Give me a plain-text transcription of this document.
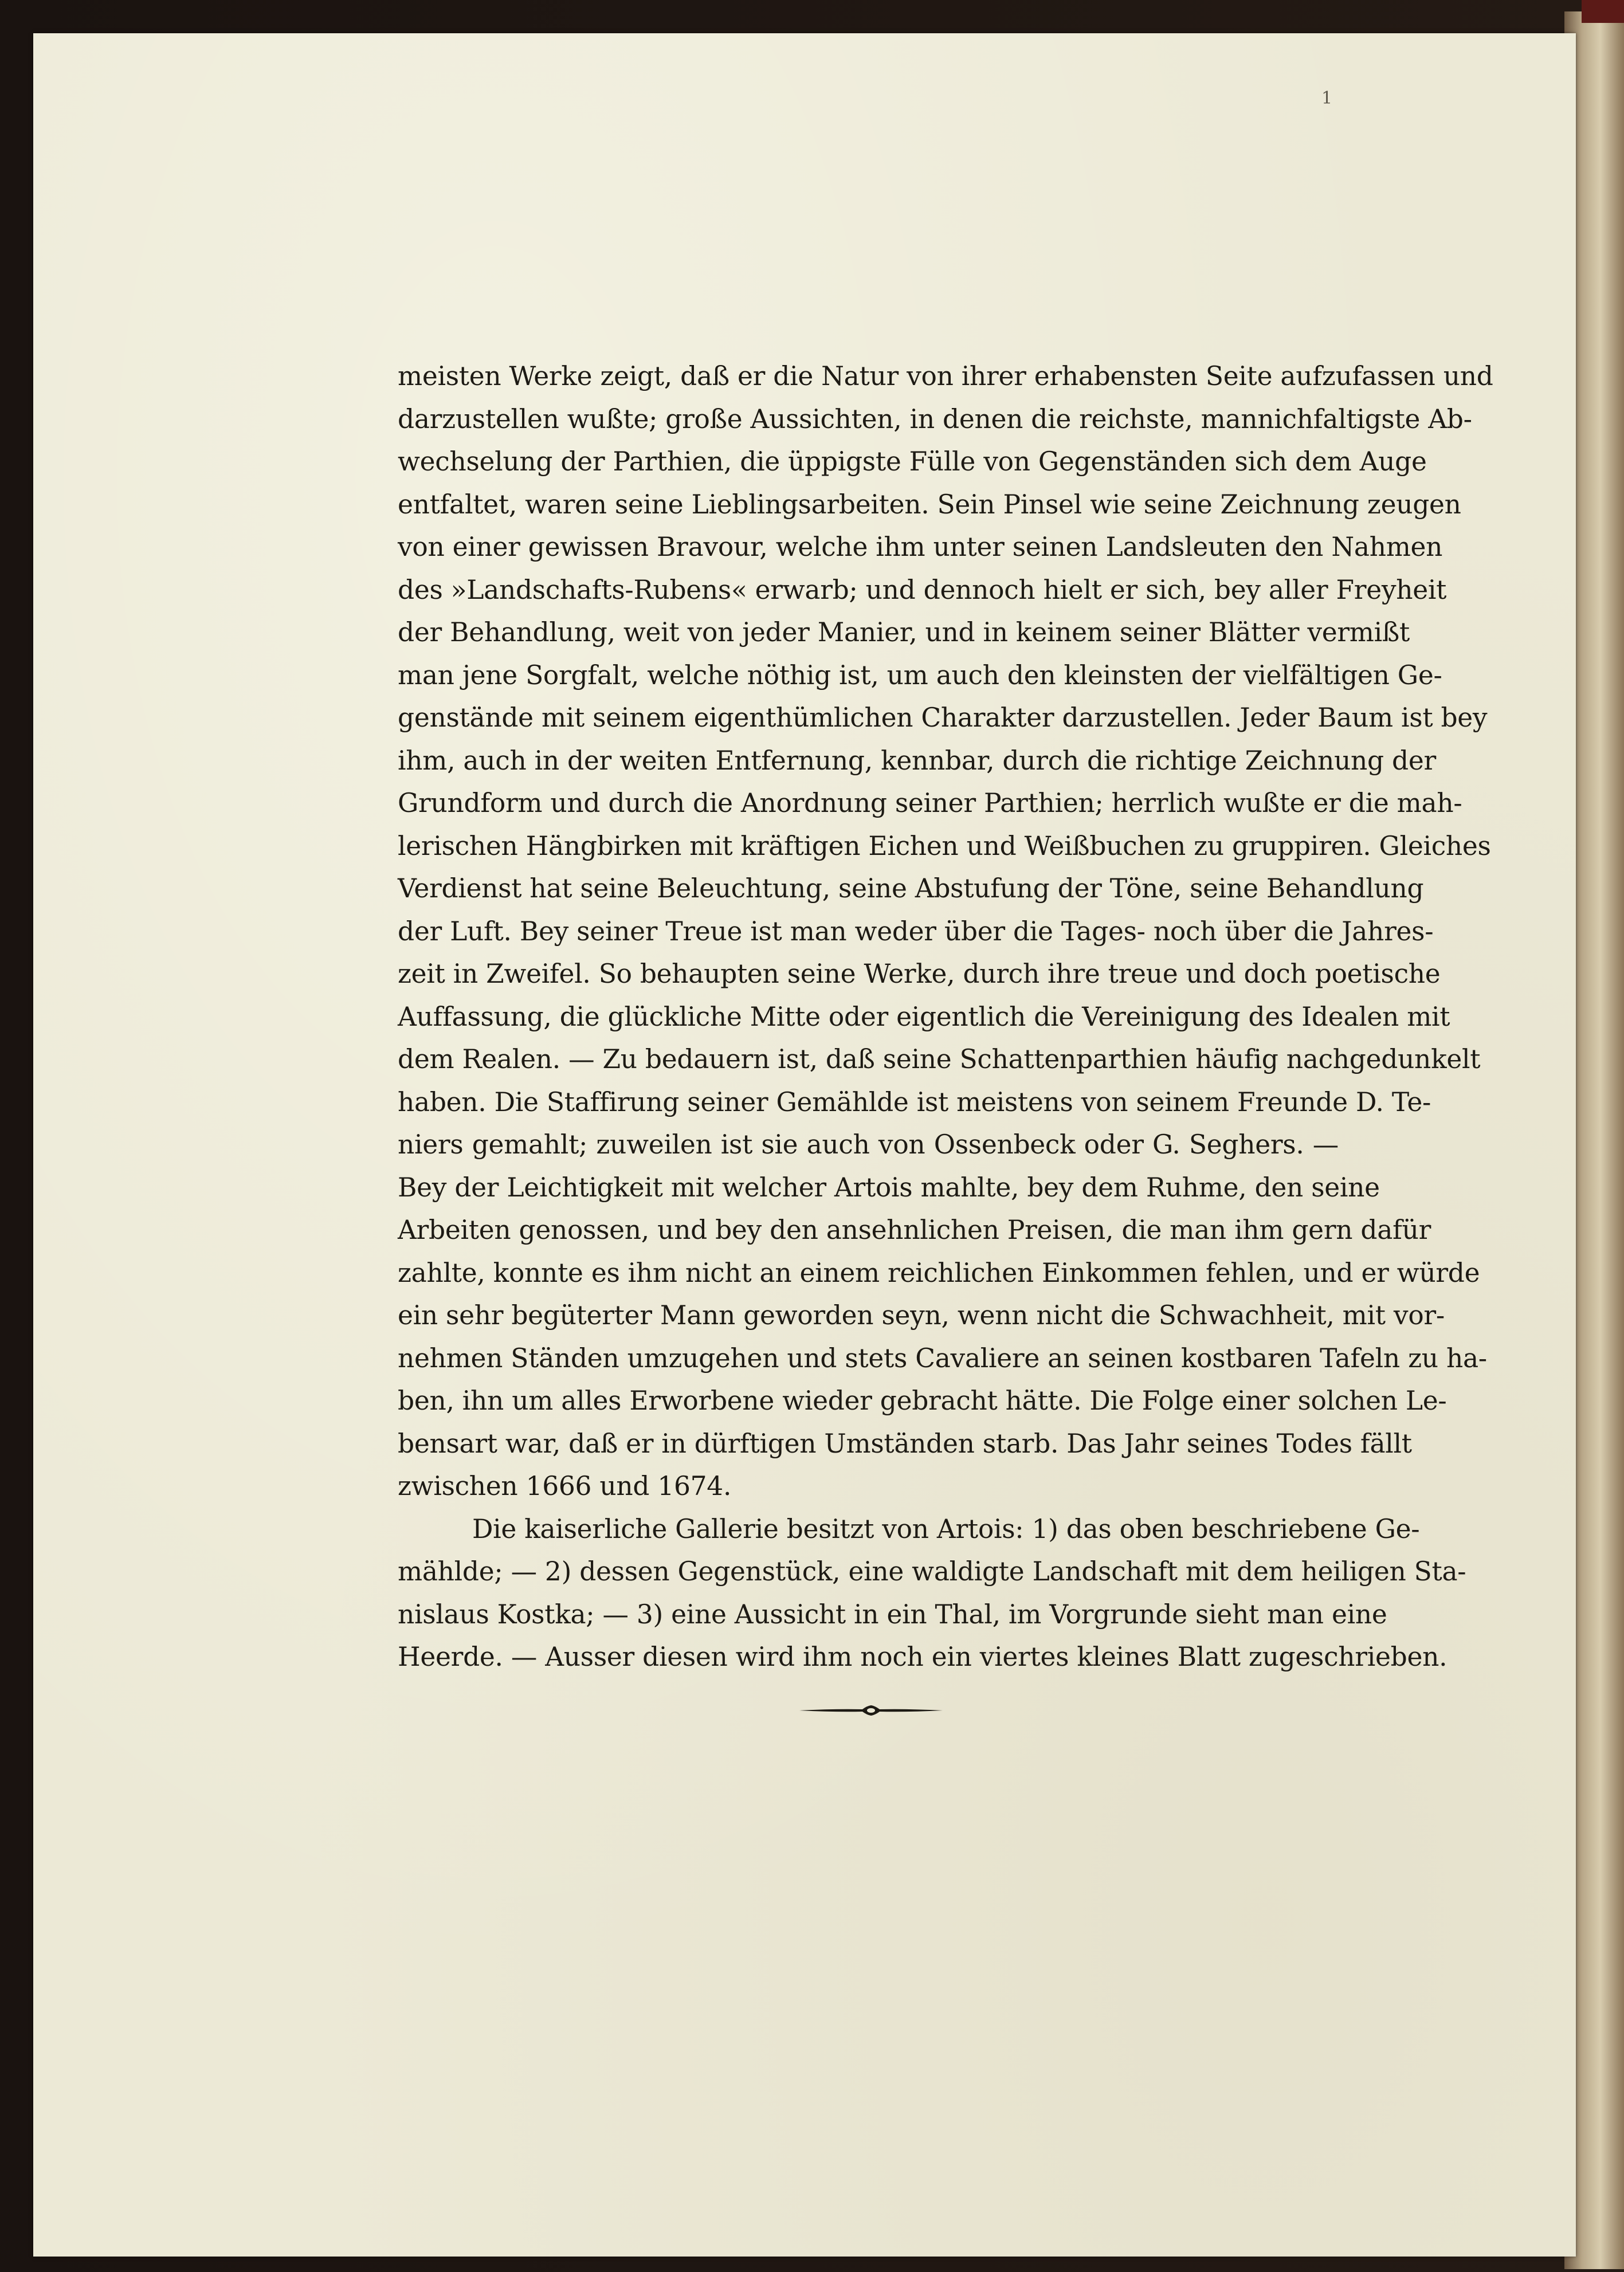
1
meisten Werke zeigt, daß er die Natur von ihrer erhabensten Seite aufzufassen und
darzustellen wußte; große Aussichten, in denen die reichste, mannichfaltigste Ab-
wechselung der Parthien, die üppigste Fülle von Gegenständen sich dem Auge
entfaltet, waren seine Lieblingsarbeiten. Sein Pinsel wie seine Zeichnung zeugen
von einer gewissen Bravour, welche ihm unter seinen Landsleuten den Nahmen
des »Landschafts-Rubens« erwarb; und dennoch hielt er sich, bey aller Freyheit
der Behandlung, weit von jeder Manier, und in keinem seiner Blätter vermißt
man jene Sorgfalt, welche nöthig ist, um auch den kleinsten der vielfältigen Ge-
genstände mit seinem eigenthümlichen Charakter darzustellen. Jeder Baum ist bey
ihm, auch in der weiten Entfernung, kennbar, durch die richtige Zeichnung der
Grundform und durch die Anordnung seiner Parthien; herrlich wußte er die mah-
lerischen Hängbirken mit kräftigen Eichen und Weißbuchen zu gruppiren. Gleiches
Verdienst hat seine Beleuchtung, seine Abstufung der Töne, seine Behandlung
der Luft. Bey seiner Treue ist man weder über die Tages- noch über die Jahres-
zeit in Zweifel. So behaupten seine Werke, durch ihre treue und doch poetische
Auffassung, die glückliche Mitte oder eigentlich die Vereinigung des Idealen mit
dem Realen. — Zu bedauern ist, daß seine Schattenparthien häufig nachgedunkelt
haben. Die Staffirung seiner Gemählde ist meistens von seinem Freunde D. Te-
niers gemahlt; zuweilen ist sie auch von Ossenbeck oder G. Seghers. —
Bey der Leichtigkeit mit welcher Artois mahlte, bey dem Ruhme, den seine
Arbeiten genossen, und bey den ansehnlichen Preisen, die man ihm gern dafür
zahlte, konnte es ihm nicht an einem reichlichen Einkommen fehlen, und er würde
ein sehr begüterter Mann geworden seyn, wenn nicht die Schwachheit, mit vor-
nehmen Ständen umzugehen und stets Cavaliere an seinen kostbaren Tafeln zu ha-
ben, ihn um alles Erworbene wieder gebracht hätte. Die Folge einer solchen Le-
bensart war, daß er in dürftigen Umständen starb. Das Jahr seines Todes fällt
zwischen 1666 und 1674.
Die kaiserliche Gallerie besitzt von Artois: 1) das oben beschriebene Ge-
mählde; — 2) dessen Gegenstück, eine waldigte Landschaft mit dem heiligen Sta-
nislaus Kostka; — 3) eine Aussicht in ein Thal, im Vorgrunde sieht man eine
Heerde. — Ausser diesen wird ihm noch ein viertes kleines Blatt zugeschrieben.
